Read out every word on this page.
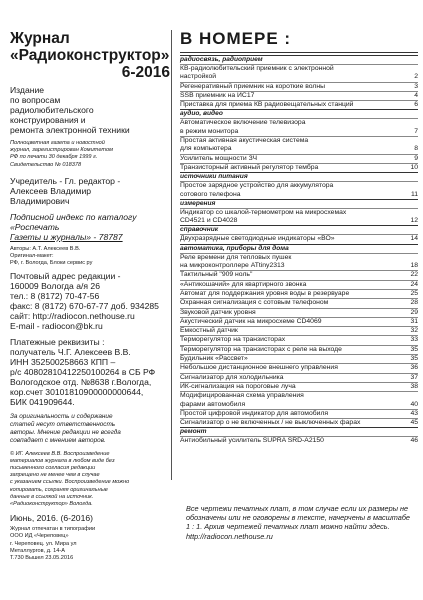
Журнал
«Радиоконструктор»
6-2016
Издание
по вопросам
радиолюбительского
конструирования и
ремонта электронной техники
Полноцветная газета и новостной
журнал, зарегистрирован Комитетом
РФ по печати 30 декабря 1999 г.
Свидетельство № 018378
Учредитель - Гл. редактор -
Алексеев Владимир
Владимирович
Подписной индекс по каталогу
«Роспечать
Газеты и журналы» - 78787
Авторы: А.Т. Алексеев В.В.
Оригинал-макет:
РФ, г. Вологда, Блоки сервис ру
Почтовый адрес редакции -
160009 Вологда а/я 26
тел.: 8 (8172) 70-47-56
факс: 8 (8172) 670-67-77 доб. 934285
сайт: http://radiocon.nethouse.ru
E-mail - radiocon@bk.ru
Платежные реквизиты :
получатель Ч.Г. Алексеев В.В.
ИНН 352500258663 КПП –
р/с 40802810412250100264 в СБ РФ
Вологодское отд. №8638 г.Вологда,
кор.счет 30101810900000000644,
БИК 041909644.
За оригинальность и содержание
статей несут ответственность
авторы. Мнение редакции не всегда
совпадает с мнением авторов.
© ИГ. Алексеев В.В. Воспроизведение
материалов журнала в любом виде без
письменного согласия редакции
запрещено не менее чем в случае
с указанием ссылки. Воспроизведение можно
копировать, сохраняя оригинальные
данные в ссылкой на источник.
«Радиоконструктор» Вологда.
Июнь, 2016. (6-2016)
Журнал отпечатан в типографии
ООО ИД «Череповец»
г. Череповец. ул. Мира ул
Металлургов, д. 14-А
Т.730 Вышел 23.05.2016
В НОМЕРЕ :
радиосвязь, радиоприем
КВ-радиолюбительский приемник с электронной
настройкой	2
Регенеративный приемник на короткие волны	3
SSB приемник на ИС17	4
Приставка для приема КВ радиовещательных станций	6
аудио, видео
Автоматическое включение телевизора
в режим монитора	7
Простая активная акустическая система
для компьютера	8
Усилитель мощности ЗЧ	9
Транзисторный активный регулятор тембра	10
источники питания
Простое зарядное устройство для аккумулятора
сотового телефона	11
измерения
Индикатор со шкалой-термометром на микросхемах
CD4521 и CD4028	12
справочник
Двухразрядные светодиодные индикаторы «ВО»	14
автоматика, приборы для дома
Реле времени для тепловых пушек
на микроконтроллере ATtiny2313	18
Тактильный "909 ноль"	22
«Антикошачий» для квартирного звонка	24
Автомат для поддержания уровня воды в резервуаре	25
Охранная сигнализация с сотовым телефоном	28
Звуковой датчик уровня	29
Акустический датчик на микросхеме CD4069	31
Емкостный датчик	32
Терморегулятор на транзисторах	33
Терморегулятор на транзисторах с реле на выходе	35
Будильник «Рассвет»	35
Небольшое дистанционное внешнего управления	36
Сигнализатор для холодильника	37
ИК-сигнализация на пороговые луча	38
Модифицированная схема управления
фарами автомобиля	40
Простой цифровой индикатор для автомобиля	43
Сигнализатор о не включенных / не выключенных фарах	45
ремонт
Антиобильный усилитель SUPRA SRD-A2150	46
Все чертежи печатных плат, в том случае если их размеры не обозначены или не оговорены в тексте, начерчены в масштабе 1 : 1. Архив чертежей печатных плат можно найти здесь. http://radiocon.nethouse.ru
